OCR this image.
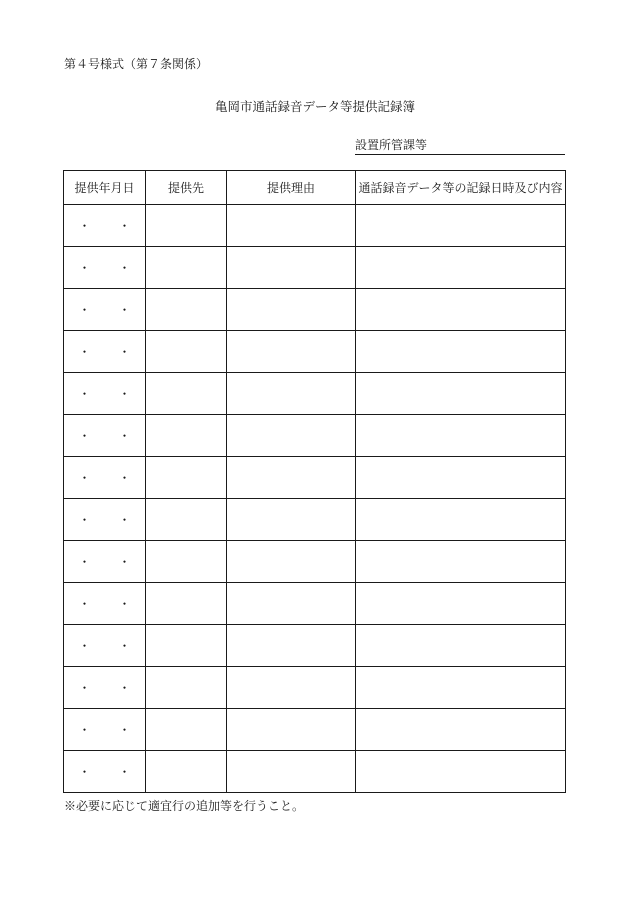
第４号様式（第７条関係）
亀岡市通話録音データ等提供記録簿
設置所管課等
提供年月日	提供先	提供理由	通話録音データ等の記録日時及び内容

・ ・			

・ ・			

・ ・			

・ ・			

・ ・			

・ ・			

・ ・			

・ ・			

・ ・			

・ ・			

・ ・			

・ ・			

・ ・			

・ ・			

※必要に応じて適宜行の追加等を行うこと。
